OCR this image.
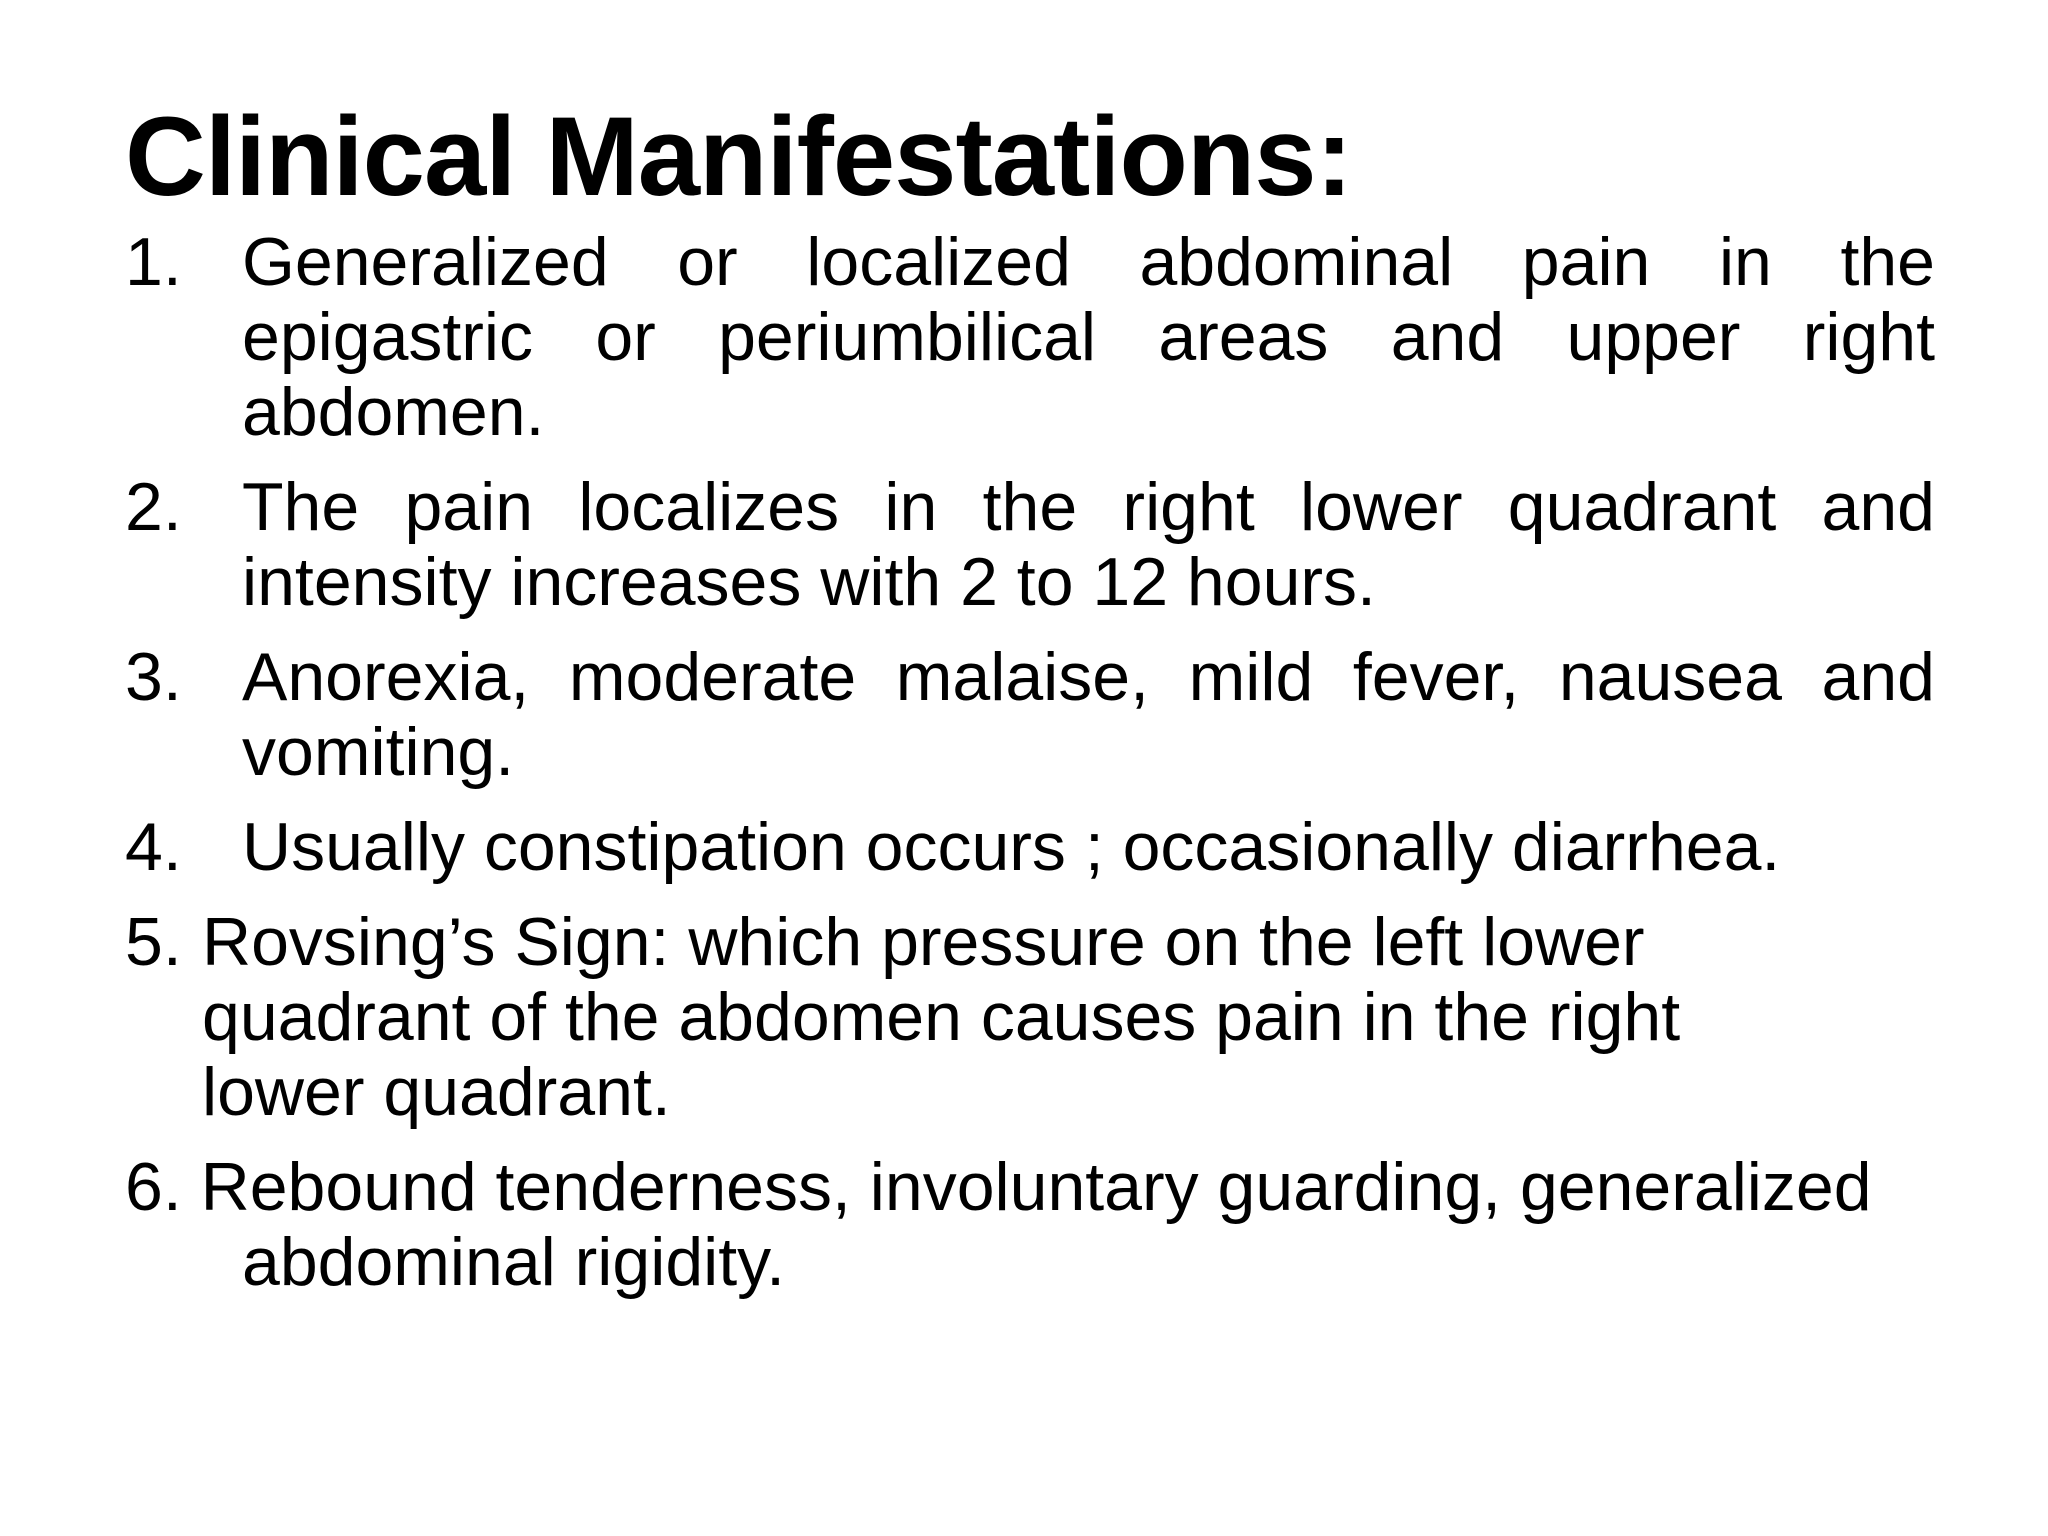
Clinical Manifestations:
1. Generalized or localized abdominal pain in the epigastric or periumbilical areas and upper right abdomen.
2. The pain localizes in the right lower quadrant and intensity increases with 2 to 12 hours.
3. Anorexia, moderate malaise, mild fever, nausea and vomiting.
4. Usually constipation occurs ; occasionally diarrhea.
5. Rovsing’s Sign: which pressure on the left lower quadrant of the abdomen causes pain in the right lower quadrant.
6. Rebound tenderness, involuntary guarding, generalized
abdominal rigidity.
